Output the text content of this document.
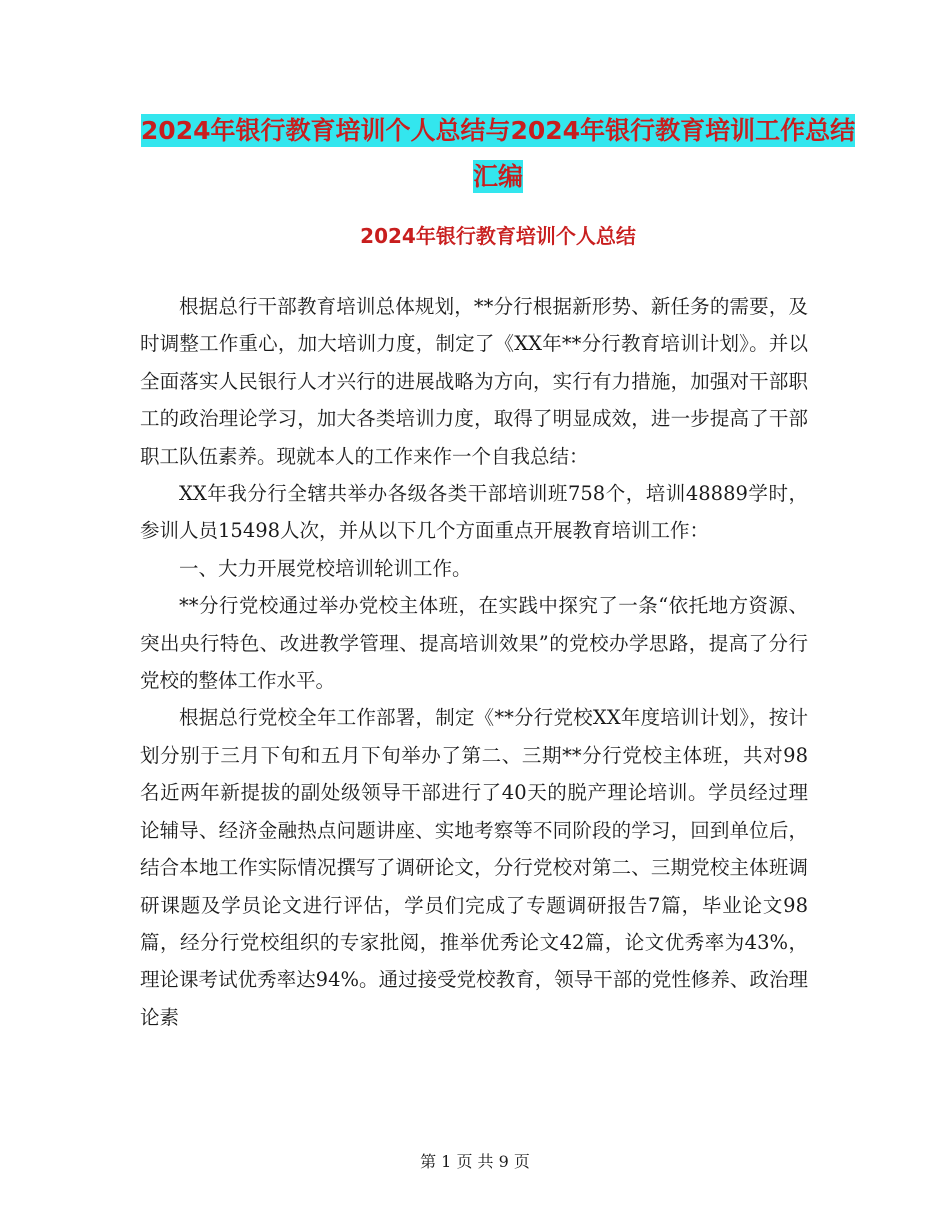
2024年银行教育培训个人总结与2024年银行教育培训工作总结汇编
2024年银行教育培训个人总结

根据总行干部教育培训总体规划，**分行根据新形势、新任务的需要，及时调整工作重心，加大培训力度，制定了《XX年**分行教育培训计划》。并以全面落实人民银行人才兴行的进展战略为方向，实行有力措施，加强对干部职工的政治理论学习，加大各类培训力度，取得了明显成效，进一步提高了干部职工队伍素养。现就本人的工作来作一个自我总结：

XX年我分行全辖共举办各级各类干部培训班758个，培训48889学时，参训人员15498人次，并从以下几个方面重点开展教育培训工作：

一、大力开展党校培训轮训工作。

**分行党校通过举办党校主体班，在实践中探究了一条“依托地方资源、突出央行特色、改进教学管理、提高培训效果”的党校办学思路，提高了分行党校的整体工作水平。

根据总行党校全年工作部署，制定《**分行党校XX年度培训计划》，按计划分别于三月下旬和五月下旬举办了第二、三期**分行党校主体班，共对98名近两年新提拔的副处级领导干部进行了40天的脱产理论培训。学员经过理论辅导、经济金融热点问题讲座、实地考察等不同阶段的学习，回到单位后，结合本地工作实际情况撰写了调研论文，分行党校对第二、三期党校主体班调研课题及学员论文进行评估，学员们完成了专题调研报告7篇，毕业论文98篇，经分行党校组织的专家批阅，推举优秀论文42篇，论文优秀率为43%，理论课考试优秀率达94%。通过接受党校教育，领导干部的党性修养、政治理论素

第 1 页 共 9 页
